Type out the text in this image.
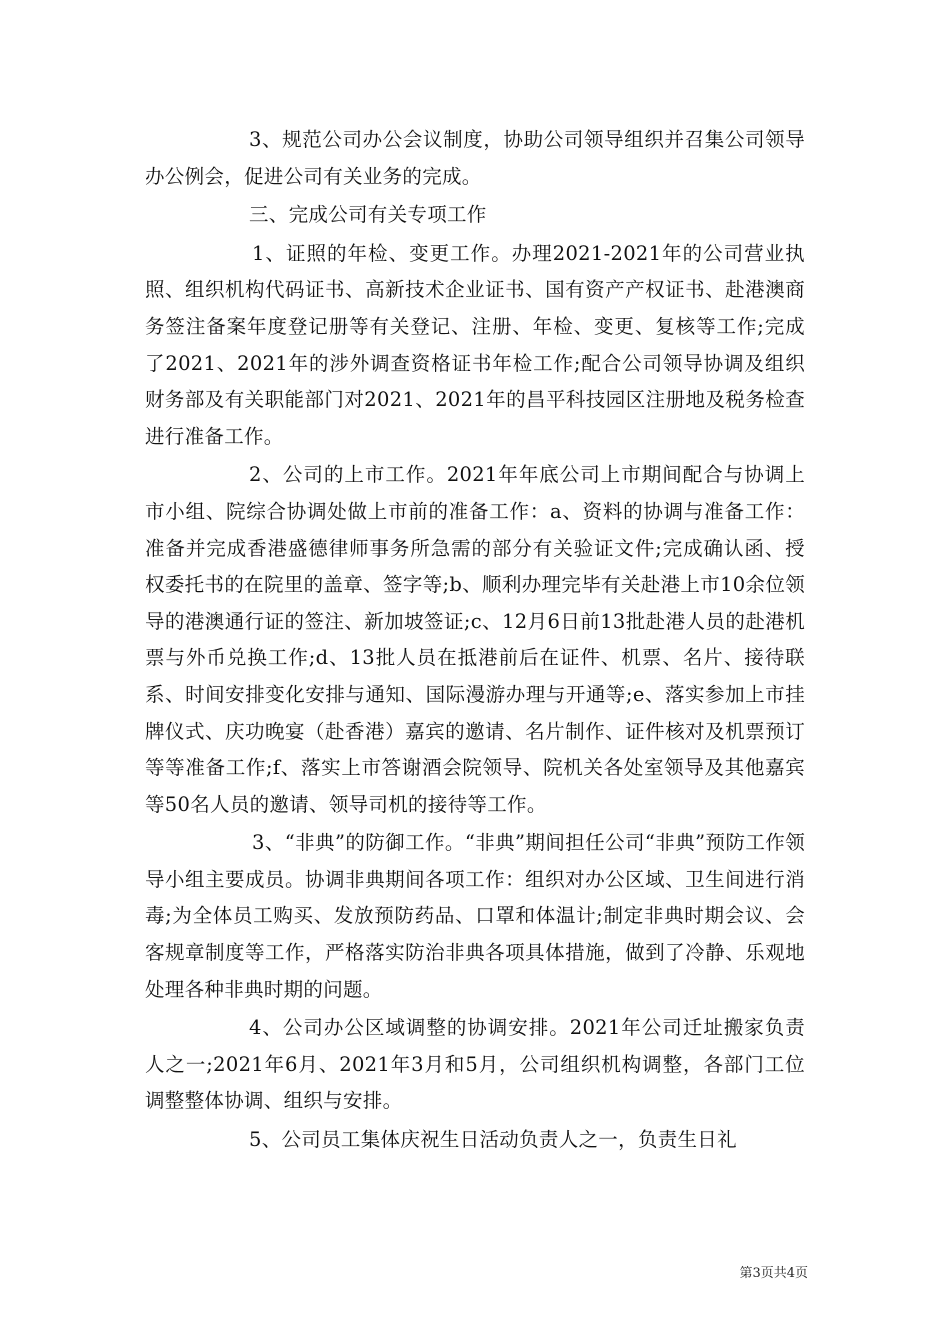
3、规范公司办公会议制度，协助公司领导组织并召集公司领导办公例会，促进公司有关业务的完成。

三、完成公司有关专项工作

1、证照的年检、变更工作。办理2021-2021年的公司营业执照、组织机构代码证书、高新技术企业证书、国有资产产权证书、赴港澳商务签注备案年度登记册等有关登记、注册、年检、变更、复核等工作;完成了2021、2021年的涉外调查资格证书年检工作;配合公司领导协调及组织财务部及有关职能部门对2021、2021年的昌平科技园区注册地及税务检查进行准备工作。

2、公司的上市工作。2021年年底公司上市期间配合与协调上市小组、院综合协调处做上市前的准备工作：a、资料的协调与准备工作：准备并完成香港盛德律师事务所急需的部分有关验证文件;完成确认函、授权委托书的在院里的盖章、签字等;b、顺利办理完毕有关赴港上市10余位领导的港澳通行证的签注、新加坡签证;c、12月6日前13批赴港人员的赴港机票与外币兑换工作;d、13批人员在抵港前后在证件、机票、名片、接待联系、时间安排变化安排与通知、国际漫游办理与开通等;e、落实参加上市挂牌仪式、庆功晚宴（赴香港）嘉宾的邀请、名片制作、证件核对及机票预订等等准备工作;f、落实上市答谢酒会院领导、院机关各处室领导及其他嘉宾等50名人员的邀请、领导司机的接待等工作。

3、“非典”的防御工作。“非典”期间担任公司“非典”预防工作领导小组主要成员。协调非典期间各项工作：组织对办公区域、卫生间进行消毒;为全体员工购买、发放预防药品、口罩和体温计;制定非典时期会议、会客规章制度等工作，严格落实防治非典各项具体措施，做到了冷静、乐观地处理各种非典时期的问题。

4、公司办公区域调整的协调安排。2021年公司迁址搬家负责人之一;2021年6月、2021年3月和5月，公司组织机构调整，各部门工位调整整体协调、组织与安排。

5、公司员工集体庆祝生日活动负责人之一，负责生日礼

第3页共4页
